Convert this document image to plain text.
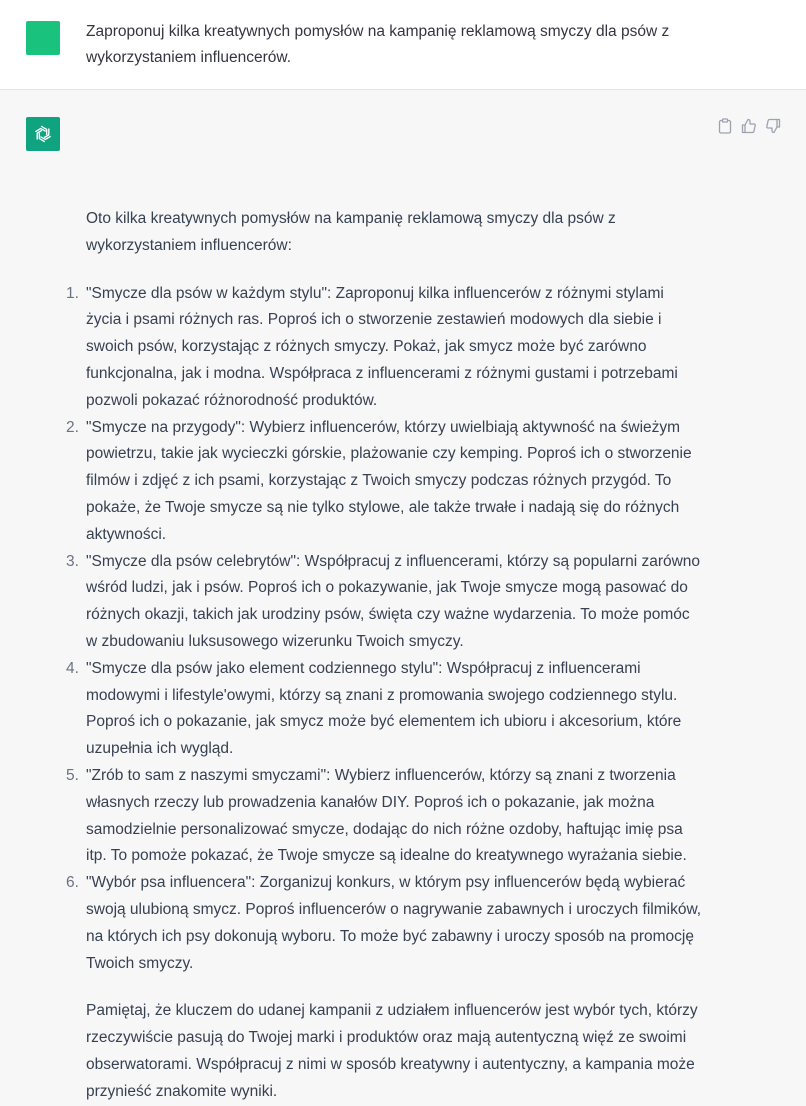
Zaproponuj kilka kreatywnych pomysłów na kampanię reklamową smyczy dla psów z wykorzystaniem influencerów.

Oto kilka kreatywnych pomysłów na kampanię reklamową smyczy dla psów z wykorzystaniem influencerów:

1. "Smycze dla psów w każdym stylu": Zaproponuj kilka influencerów z różnymi stylami życia i psami różnych ras. Poproś ich o stworzenie zestawień modowych dla siebie i swoich psów, korzystając z różnych smyczy. Pokaż, jak smycz może być zarówno funkcjonalna, jak i modna. Współpraca z influencerami z różnymi gustami i potrzebami pozwoli pokazać różnorodność produktów.
2. "Smycze na przygody": Wybierz influencerów, którzy uwielbiają aktywność na świeżym powietrzu, takie jak wycieczki górskie, plażowanie czy kemping. Poproś ich o stworzenie filmów i zdjęć z ich psami, korzystając z Twoich smyczy podczas różnych przygód. To pokaże, że Twoje smycze są nie tylko stylowe, ale także trwałe i nadają się do różnych aktywności.
3. "Smycze dla psów celebrytów": Współpracuj z influencerami, którzy są popularni zarówno wśród ludzi, jak i psów. Poproś ich o pokazywanie, jak Twoje smycze mogą pasować do różnych okazji, takich jak urodziny psów, święta czy ważne wydarzenia. To może pomóc w zbudowaniu luksusowego wizerunku Twoich smyczy.
4. "Smycze dla psów jako element codziennego stylu": Współpracuj z influencerami modowymi i lifestyle'owymi, którzy są znani z promowania swojego codziennego stylu. Poproś ich o pokazanie, jak smycz może być elementem ich ubioru i akcesorium, które uzupełnia ich wygląd.
5. "Zrób to sam z naszymi smyczami": Wybierz influencerów, którzy są znani z tworzenia własnych rzeczy lub prowadzenia kanałów DIY. Poproś ich o pokazanie, jak można samodzielnie personalizować smycze, dodając do nich różne ozdoby, haftując imię psa itp. To pomoże pokazać, że Twoje smycze są idealne do kreatywnego wyrażania siebie.
6. "Wybór psa influencera": Zorganizuj konkurs, w którym psy influencerów będą wybierać swoją ulubioną smycz. Poproś influencerów o nagrywanie zabawnych i uroczych filmików, na których ich psy dokonują wyboru. To może być zabawny i uroczy sposób na promocję Twoich smyczy.

Pamiętaj, że kluczem do udanej kampanii z udziałem influencerów jest wybór tych, którzy rzeczywiście pasują do Twojej marki i produktów oraz mają autentyczną więź ze swoimi obserwatorami. Współpracuj z nimi w sposób kreatywny i autentyczny, a kampania może przynieść znakomite wyniki.
